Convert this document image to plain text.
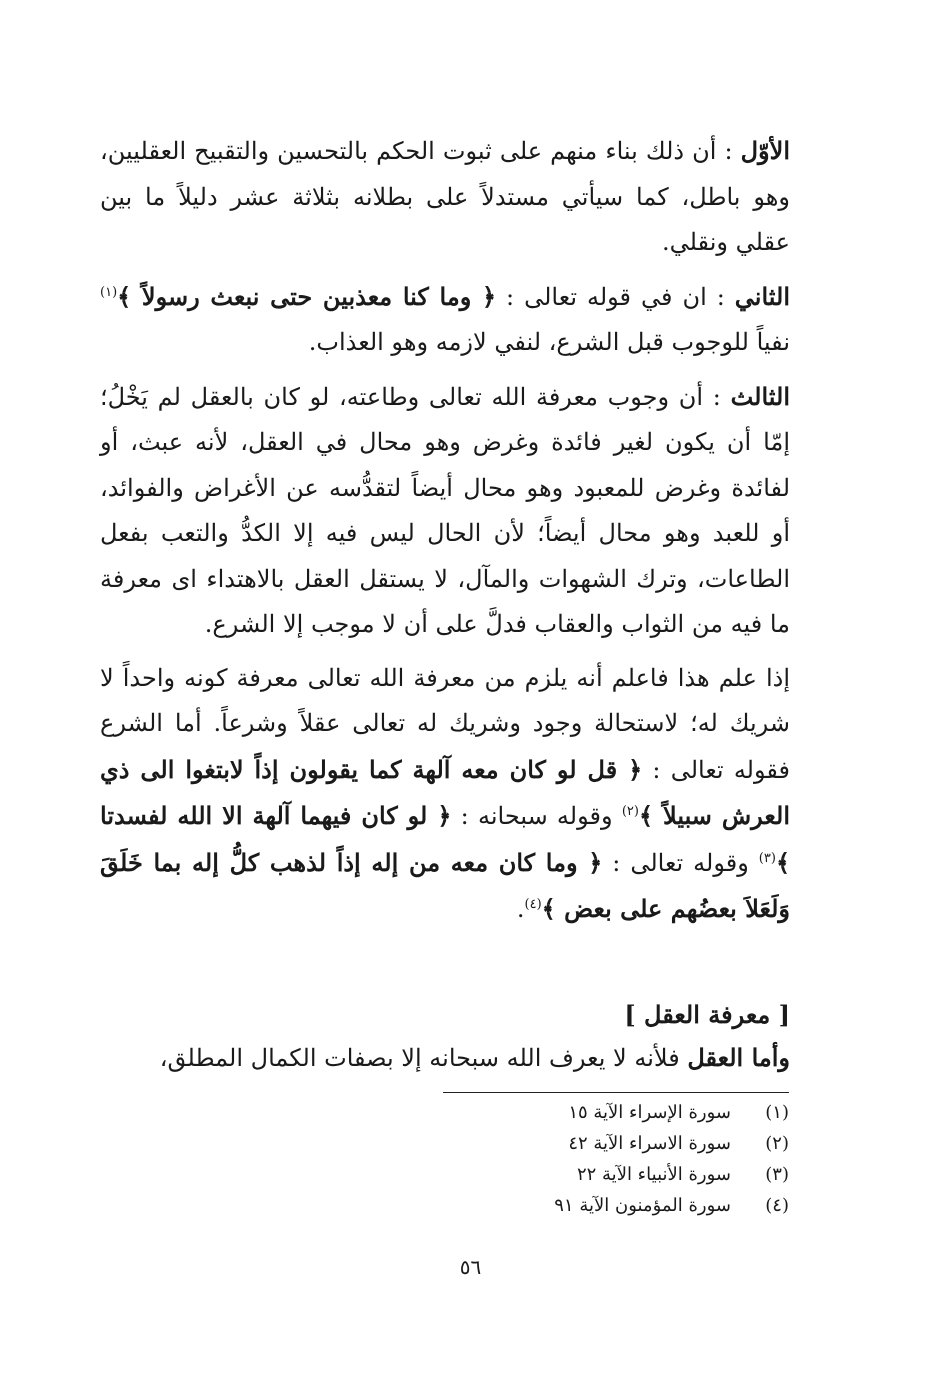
الأوّل : أن ذلك بناء منهم على ثبوت الحكم بالتحسين والتقبيح العقليين، وهو باطل، كما سيأتي مستدلاً على بطلانه بثلاثة عشر دليلاً ما بين عقلي ونقلي.

الثاني : ان في قوله تعالى : ﴿ وما كنا معذبين حتى نبعث رسولاً ﴾$^{(١)}$ نفياً للوجوب قبل الشرع، لنفي لازمه وهو العذاب.

الثالث : أن وجوب معرفة الله تعالى وطاعته، لو كان بالعقل لم يَخْلُ؛ إمّا أن يكون لغير فائدة وغرض وهو محال في العقل، لأنه عبث، أو لفائدة وغرض للمعبود وهو محال أيضاً لتقدُّسه عن الأغراض والفوائد، أو للعبد وهو محال أيضاً؛ لأن الحال ليس فيه إلا الكدُّ والتعب بفعل الطاعات، وترك الشهوات والمآل، لا يستقل العقل بالاهتداء اى معرفة ما فيه من الثواب والعقاب فدلَّ على أن لا موجب إلا الشرع.

إذا علم هذا فاعلم أنه يلزم من معرفة الله تعالى معرفة كونه واحداً لا شريك له؛ لاستحالة وجود وشريك له تعالى عقلاً وشرعاً. أما الشرع فقوله تعالى : ﴿ قل لو كان معه آلهة كما يقولون إذاً لابتغوا الى ذي العرش سبيلاً ﴾$^{(٢)}$ وقوله سبحانه : ﴿ لو كان فيهما آلهة الا الله لفسدتا ﴾$^{(٣)}$ وقوله تعالى : ﴿ وما كان معه من إله إذاً لذهب كلُّ إله بما خَلَقَ وَلَعَلاَ بعضُهم على بعض ﴾$^{(٤)}$.

[ معرفة العقل ]

وأما العقل فلأنه لا يعرف الله سبحانه إلا بصفات الكمال المطلق،

(١)
سورة الإسراء الآية ١٥
(٢)
سورة الاسراء الآية ٤٢
(٣)
سورة الأنبياء الآية ٢٢
(٤)
سورة المؤمنون الآية ٩١
٥٦
